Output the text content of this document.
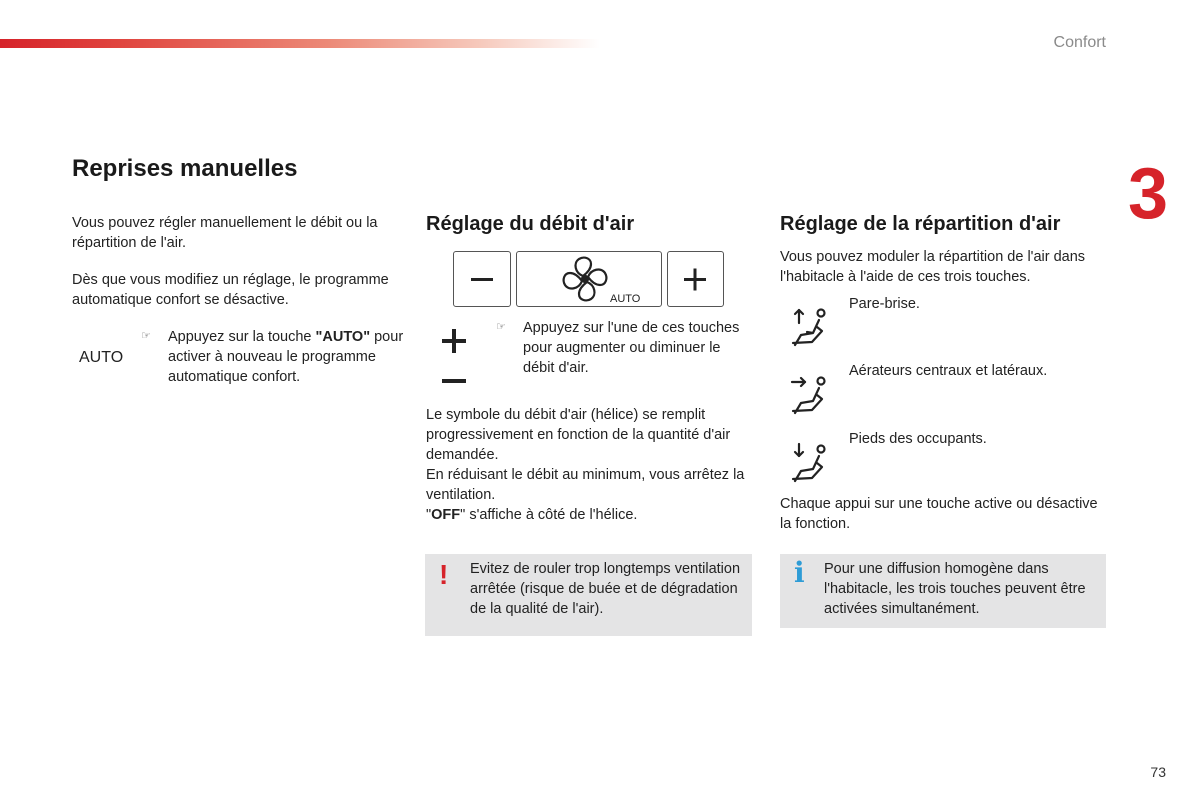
Confort
3
Reprises manuelles
Vous pouvez régler manuellement le débit ou la répartition de l'air.
Dès que vous modifiez un réglage, le programme automatique confort se désactive.
AUTO
☞ Appuyez sur la touche "AUTO" pour activer à nouveau le programme automatique confort.
Réglage du débit d'air
AUTO
☞ Appuyez sur l'une de ces touches pour augmenter ou diminuer le débit d'air.
Le symbole du débit d'air (hélice) se remplit progressivement en fonction de la quantité d'air demandée.
En réduisant le débit au minimum, vous arrêtez la ventilation.
"OFF" s'affiche à côté de l'hélice.
! Evitez de rouler trop longtemps ventilation arrêtée (risque de buée et de dégradation de la qualité de l'air).
Réglage de la répartition d'air
Vous pouvez moduler la répartition de l'air dans l'habitacle à l'aide de ces trois touches.
Pare-brise.
Aérateurs centraux et latéraux.
Pieds des occupants.
Chaque appui sur une touche active ou désactive la fonction.
i Pour une diffusion homogène dans l'habitacle, les trois touches peuvent être activées simultanément.
73
